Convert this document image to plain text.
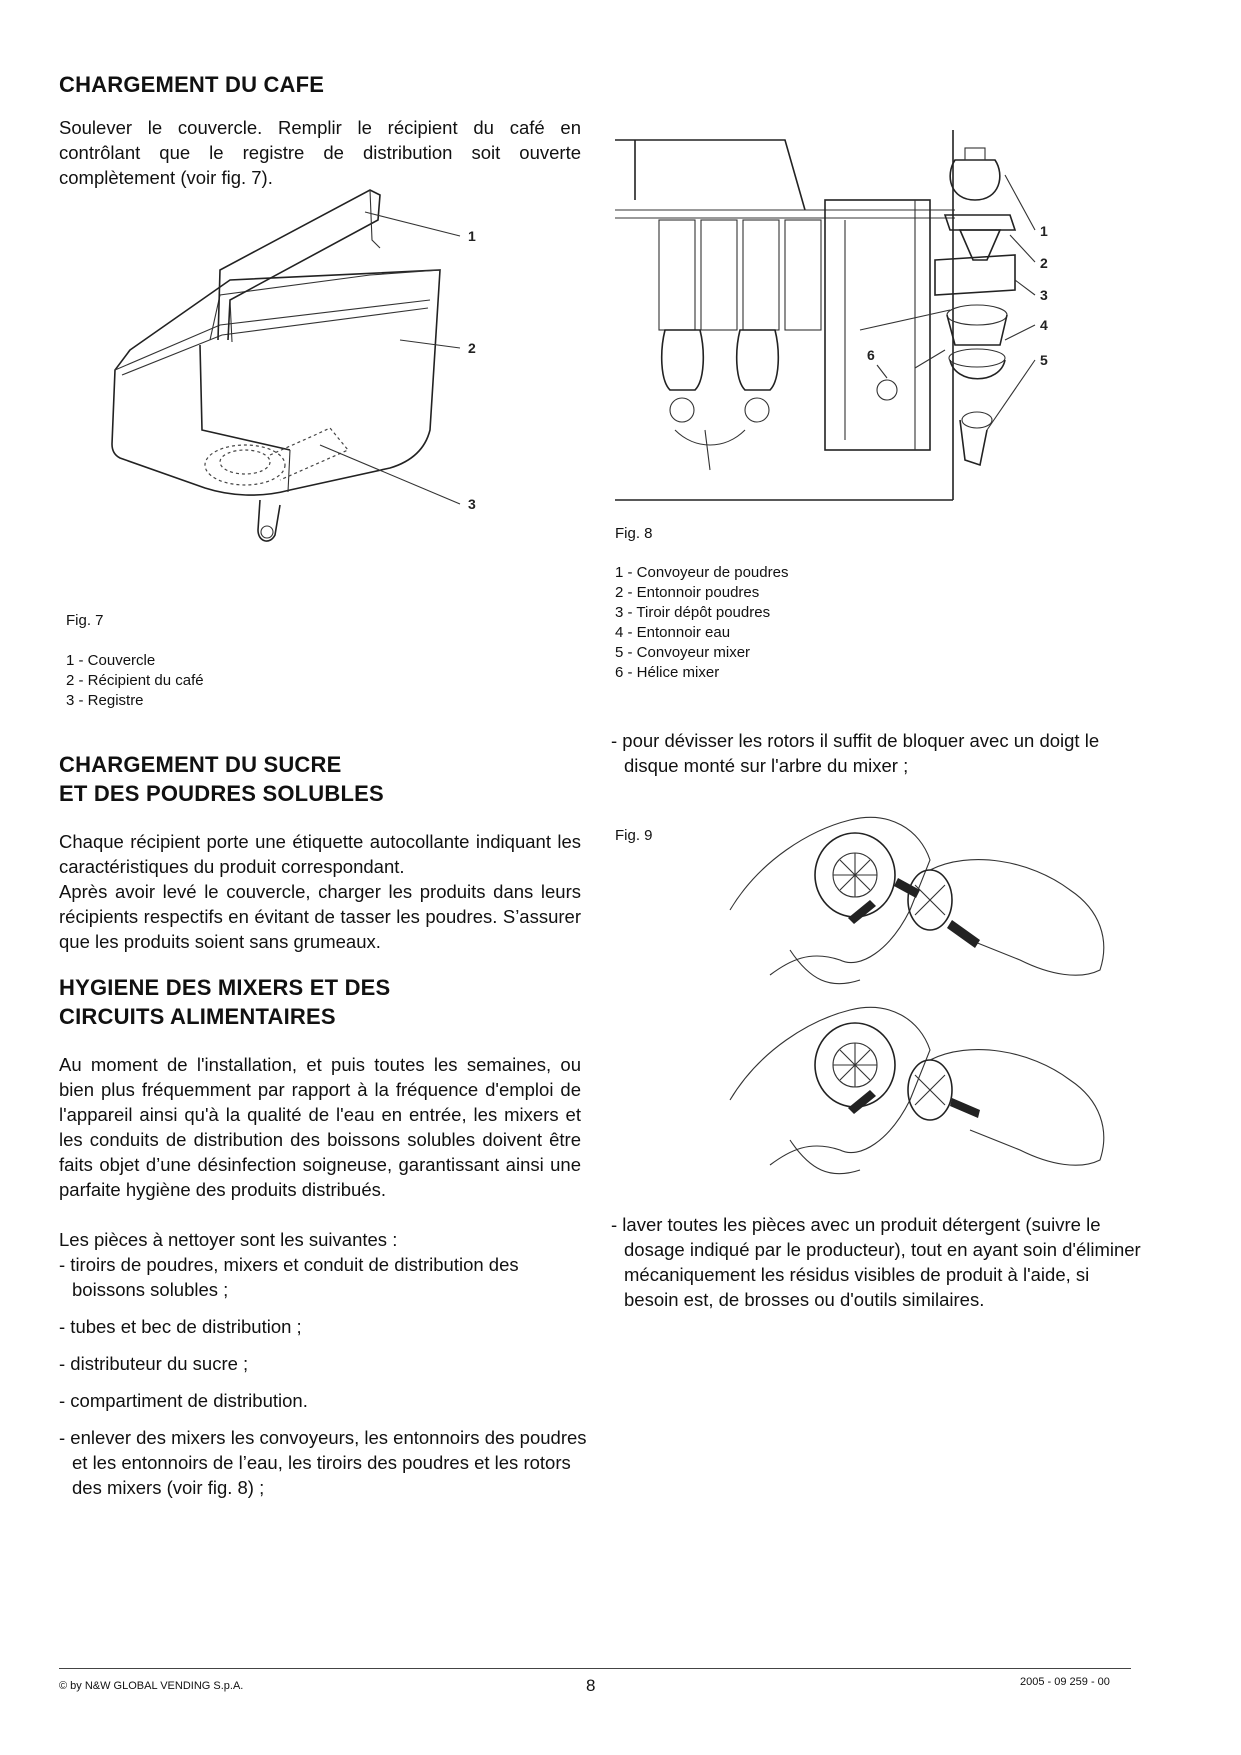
CHARGEMENT DU CAFE

Soulever le couvercle. Remplir le récipient du café en contrôlant que le registre de distribution soit ouverte complètement (voir fig. 7).

1
2
3
Fig. 7
1 - Couvercle
2 - Récipient du café
3 - Registre
CHARGEMENT DU SUCRE
ET DES POUDRES SOLUBLES

Chaque récipient porte une étiquette autocollante indiquant les caractéristiques du produit correspondant.

Après avoir levé le couvercle, charger les produits dans leurs récipients respectifs en évitant de tasser les poudres. S’assurer que les produits soient sans grumeaux.

HYGIENE DES MIXERS ET DES
CIRCUITS ALIMENTAIRES

Au moment de l'installation, et puis toutes les semaines, ou bien plus fréquemment par rapport à la fréquence d'emploi de l'appareil ainsi qu'à la qualité de l'eau en entrée, les mixers et les conduits de distribution des boissons solubles doivent être faits objet d’une désinfection soigneuse, garantissant ainsi une parfaite hygiène des produits distribués.

Les pièces à nettoyer sont les suivantes :

- tiroirs de poudres, mixers et conduit de distribution des boissons solubles ;

- tubes et bec de distribution ;

- distributeur du sucre ;

- compartiment de distribution.

- enlever des mixers les convoyeurs, les entonnoirs des poudres et les entonnoirs de l’eau, les tiroirs des poudres et les rotors des mixers (voir fig. 8) ;

1
2
3
4
5
6
Fig. 8
1 - Convoyeur de poudres
2 - Entonnoir poudres
3 - Tiroir dépôt poudres
4 - Entonnoir eau
5 - Convoyeur mixer
6 - Hélice mixer

- pour dévisser les rotors il suffit de bloquer avec un doigt le disque monté sur l'arbre du mixer ;

Fig. 9

- laver toutes les pièces avec un produit détergent (suivre le dosage indiqué par le producteur), tout en ayant soin d'éliminer mécaniquement les résidus visibles de produit à l'aide, si besoin est, de brosses ou d'outils similaires.

© by N&W GLOBAL VENDING S.p.A.	8	2005 - 09 259 - 00
